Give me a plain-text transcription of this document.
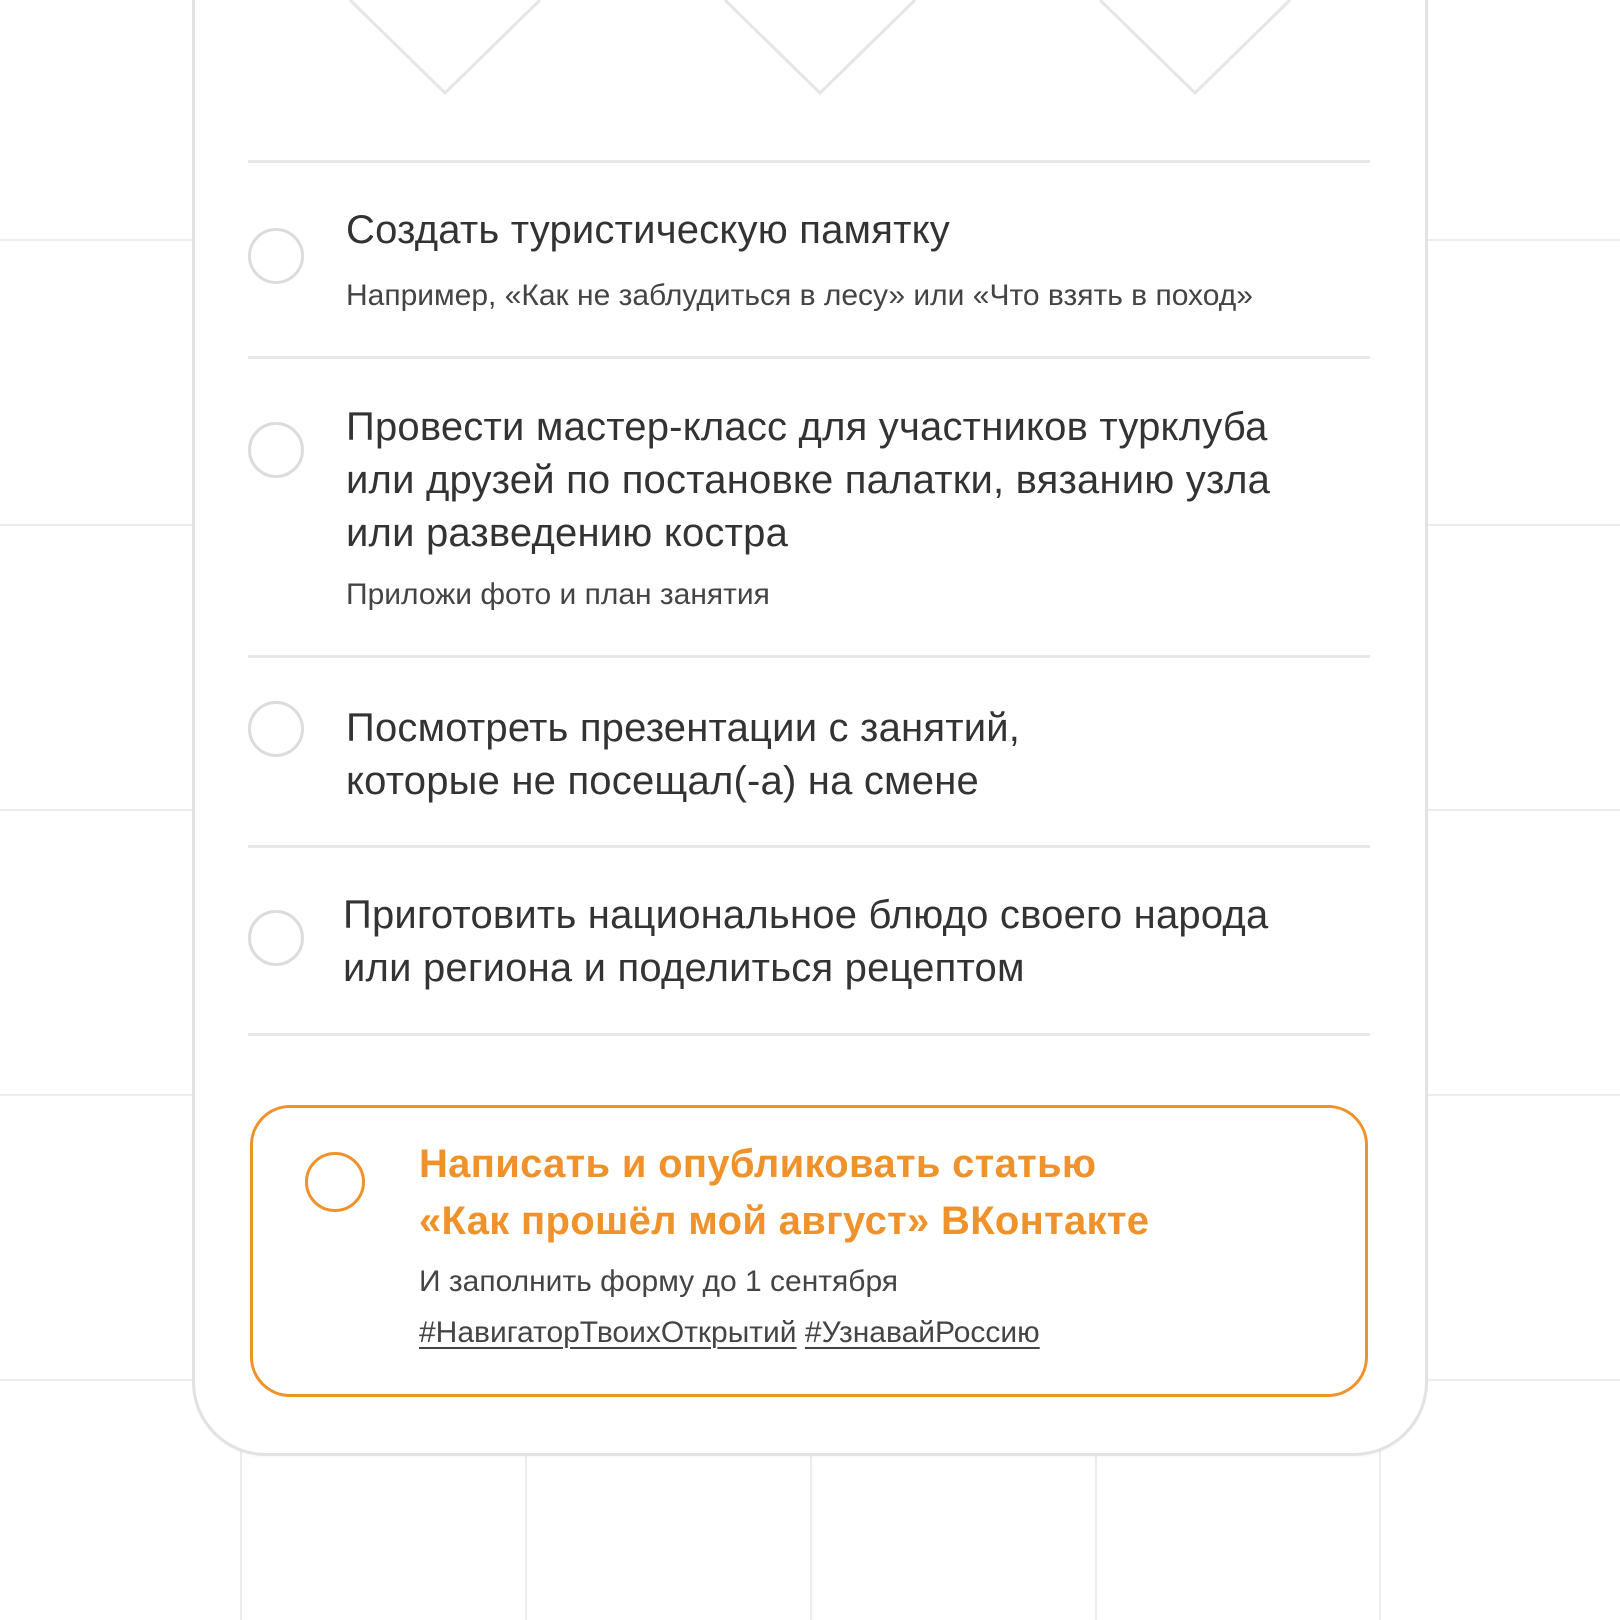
Создать туристическую памятку

Например, «Как не заблудиться в лесу» или «Что взять в поход»

Провести мастер-класс для участников турклуба
или друзей по постановке палатки, вязанию узла
или разведению костра

Приложи фото и план занятия

Посмотреть презентации с занятий,
которые не посещал(-а) на смене

Приготовить национальное блюдо своего народа
или региона и поделиться рецептом

Написать и опубликовать статью
«Как прошёл мой август» ВКонтакте

И заполнить форму до 1 сентября

#НавигаторТвоихОткрытий #УзнавайРоссию
